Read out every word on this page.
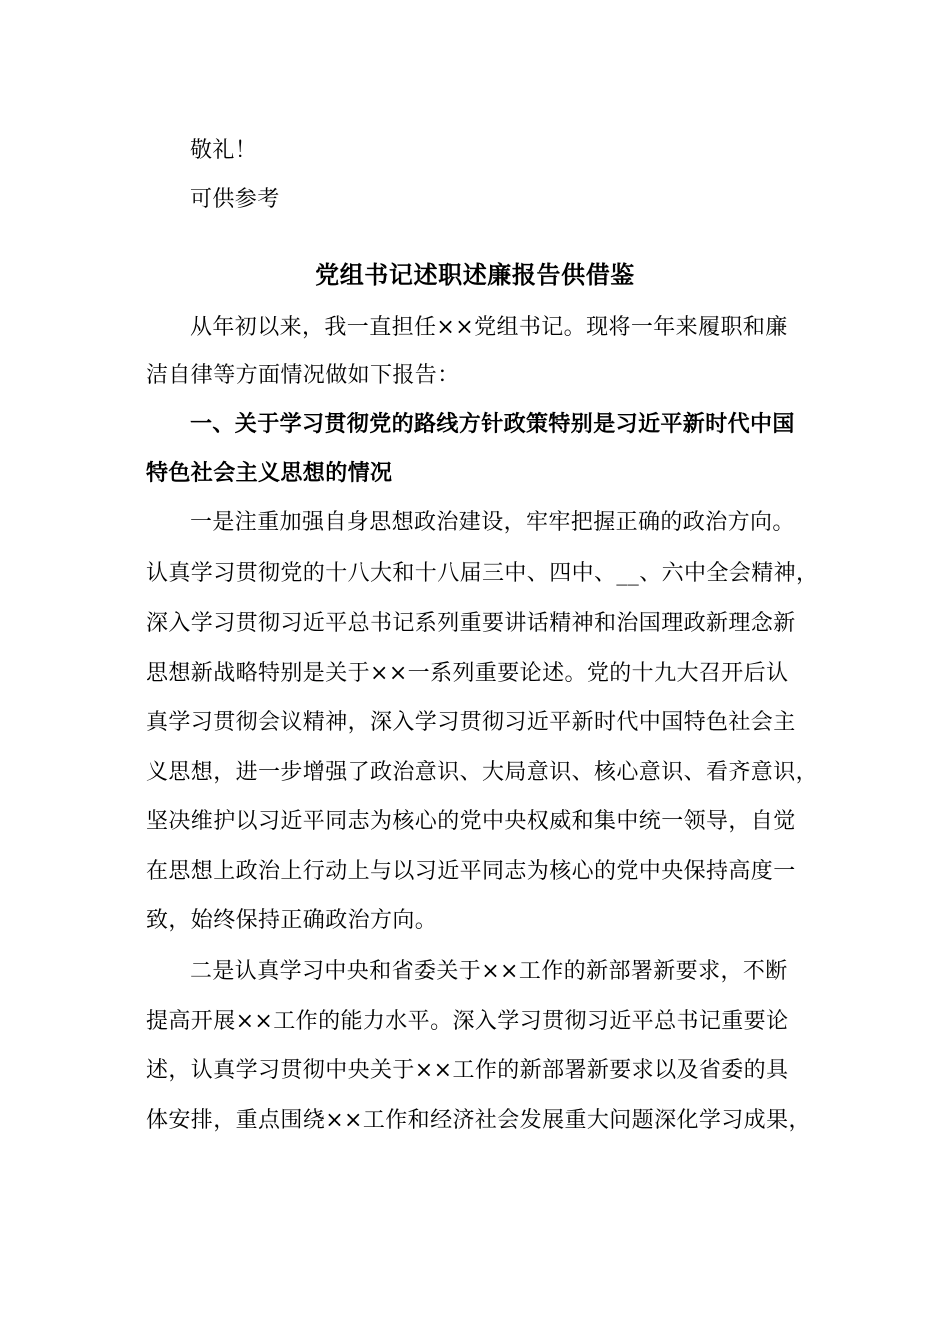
敬礼！
可供参考
党组书记述职述廉报告供借鉴
从年初以来，我一直担任××党组书记。现将一年来履职和廉
洁自律等方面情况做如下报告：
一、关于学习贯彻党的路线方针政策特别是习近平新时代中国
特色社会主义思想的情况
一是注重加强自身思想政治建设，牢牢把握正确的政治方向。
认真学习贯彻党的十八大和十八届三中、四中、__、六中全会精神，
深入学习贯彻习近平总书记系列重要讲话精神和治国理政新理念新
思想新战略特别是关于××一系列重要论述。党的十九大召开后认
真学习贯彻会议精神，深入学习贯彻习近平新时代中国特色社会主
义思想，进一步增强了政治意识、大局意识、核心意识、看齐意识，
坚决维护以习近平同志为核心的党中央权威和集中统一领导，自觉
在思想上政治上行动上与以习近平同志为核心的党中央保持高度一
致，始终保持正确政治方向。
二是认真学习中央和省委关于××工作的新部署新要求，不断
提高开展××工作的能力水平。深入学习贯彻习近平总书记重要论
述，认真学习贯彻中央关于××工作的新部署新要求以及省委的具
体安排，重点围绕××工作和经济社会发展重大问题深化学习成果，
